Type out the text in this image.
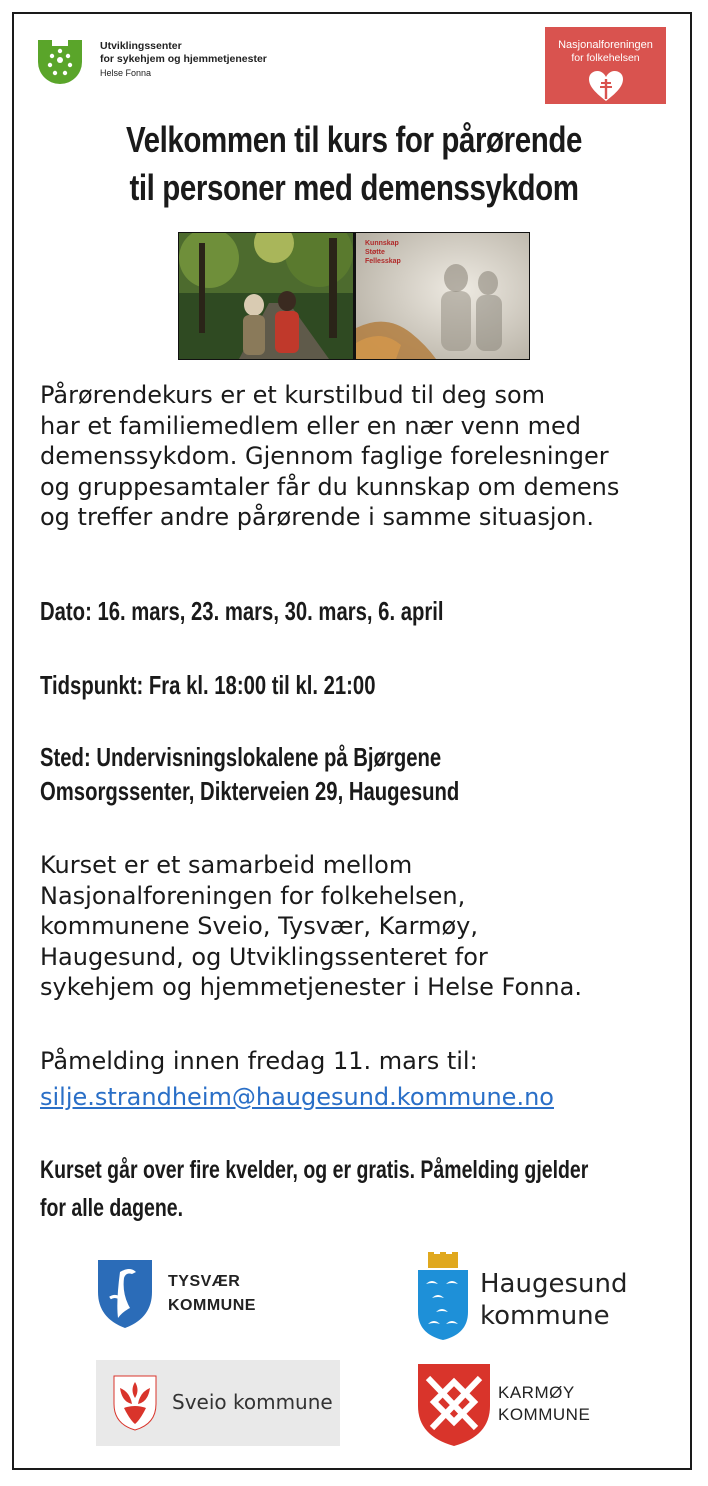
Utviklingssenter
for sykehjem og hjemmetjenester
Helse Fonna
Nasjonalforeningen
for folkehelsen
Velkommen til kurs for pårørende
til personer med demenssykdom
Kunnskap
Støtte
Fellesskap
Pårørendekurs er et kurstilbud til deg som
har et familiemedlem eller en nær venn med
demenssykdom. Gjennom faglige forelesninger
og gruppesamtaler får du kunnskap om demens
og treffer andre pårørende i samme situasjon.
Dato: 16. mars, 23. mars, 30. mars, 6. april
Tidspunkt: Fra kl. 18:00 til kl. 21:00
Sted: Undervisningslokalene på Bjørgene
Omsorgssenter, Dikterveien 29, Haugesund
Kurset er et samarbeid mellom
Nasjonalforeningen for folkehelsen,
kommunene Sveio, Tysvær, Karmøy,
Haugesund, og Utviklingssenteret for
sykehjem og hjemmetjenester i Helse Fonna.
Påmelding innen fredag 11. mars til:
silje.strandheim@haugesund.kommune.no
Kurset går over fire kvelder, og er gratis. Påmelding gjelder
for alle dagene.
TYSVÆR
KOMMUNE
Haugesund
kommune
Sveio kommune	KARMØY
KOMMUNE
